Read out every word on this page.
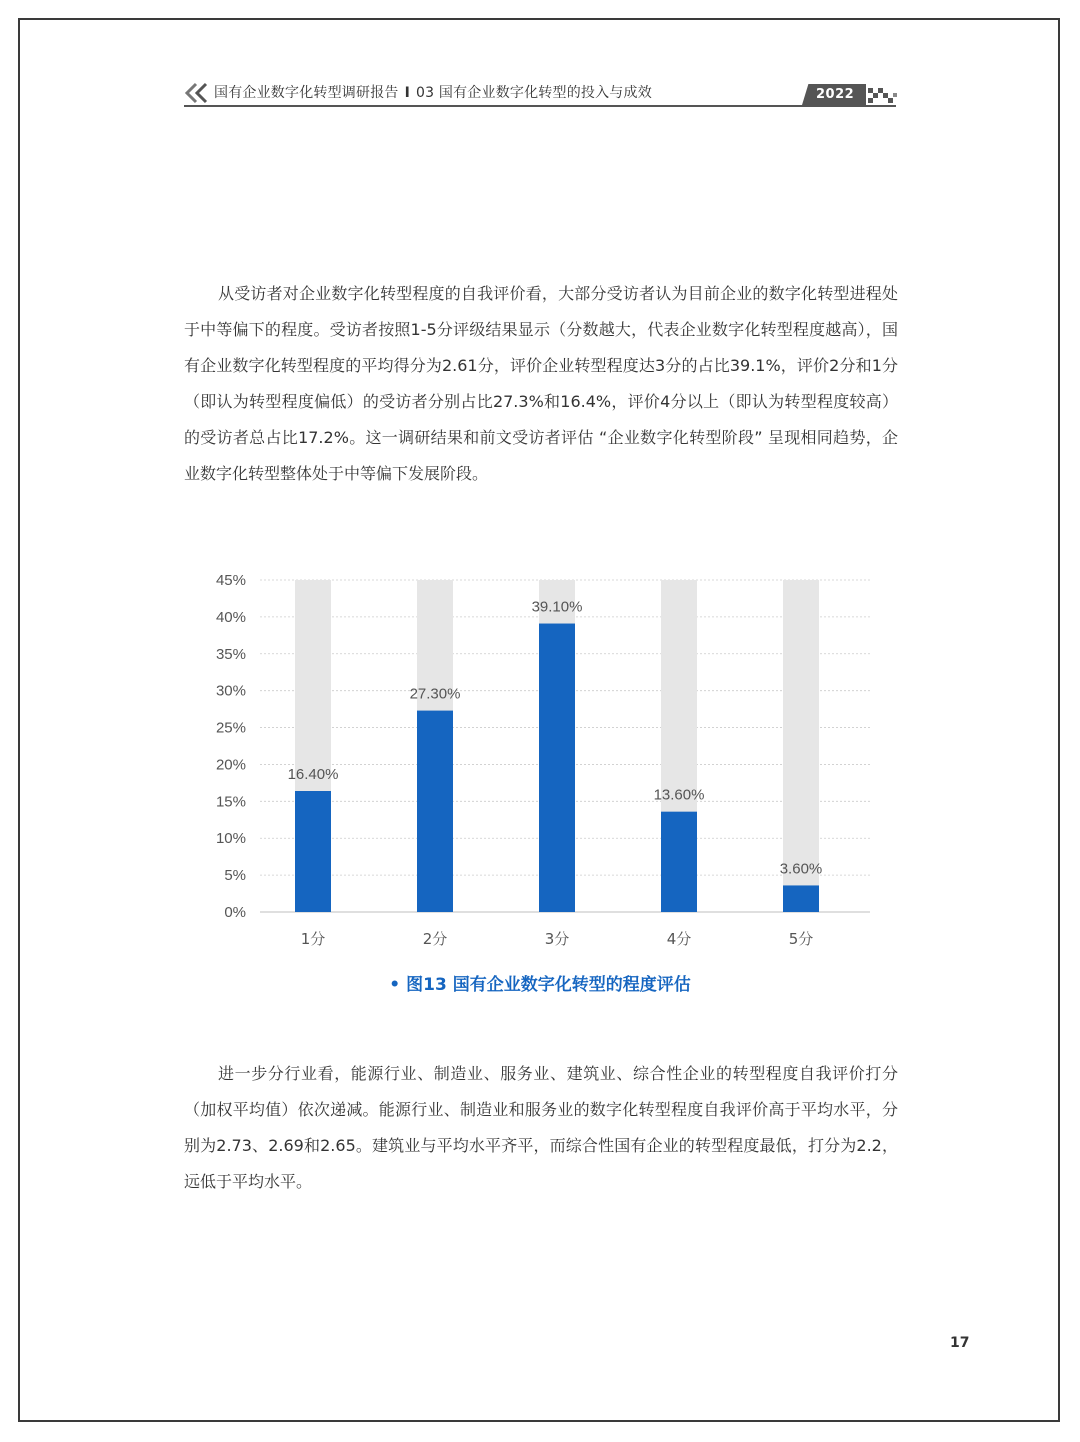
国有企业数字化转型调研报告 I 03 国有企业数字化转型的投入与成效	2022

从受访者对企业数字化转型程度的自我评价看，大部分受访者认为目前企业的数字化转型进程处于中等偏下的程度。受访者按照1-5分评级结果显示（分数越大，代表企业数字化转型程度越高），国有企业数字化转型程度的平均得分为2.61分，评价企业转型程度达3分的占比39.1%，评价2分和1分（即认为转型程度偏低）的受访者分别占比27.3%和16.4%，评价4分以上（即认为转型程度较高）的受访者总占比17.2%。这一调研结果和前文受访者评估 “企业数字化转型阶段” 呈现相同趋势，企业数字化转型整体处于中等偏下发展阶段。

0%
5%
10%
15%
20%
25%
30%
35%
40%
45%
16.40%
1分
27.30%
2分
39.10%
3分
13.60%
4分
3.60%
5分
• 图13 国有企业数字化转型的程度评估

进一步分行业看，能源行业、制造业、服务业、建筑业、综合性企业的转型程度自我评价打分（加权平均值）依次递减。能源行业、制造业和服务业的数字化转型程度自我评价高于平均水平，分别为2.73、2.69和2.65。建筑业与平均水平齐平，而综合性国有企业的转型程度最低，打分为2.2，远低于平均水平。

17
